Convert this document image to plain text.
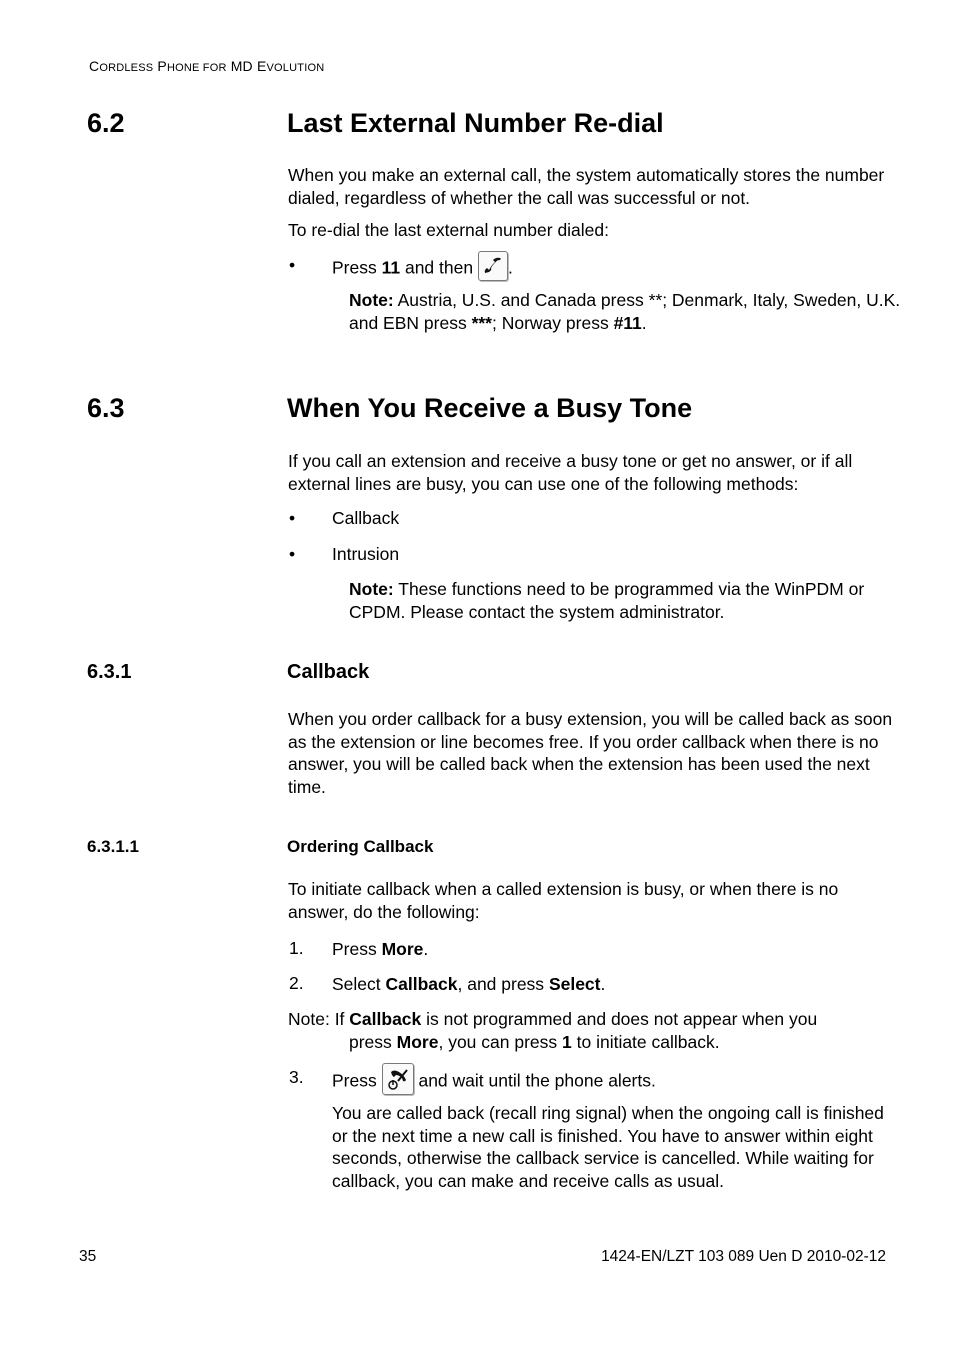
CORDLESS PHONE FOR MD EVOLUTION
6.2	Last External Number Re-dial
When you make an external call, the system automatically stores the number dialed, regardless of whether the call was successful or not.
To re-dial the last external number dialed:
• Press 11 and then
.
Note: Austria, U.S. and Canada press **; Denmark, Italy, Sweden, U.K. and EBN press ***; Norway press #11.
6.3	When You Receive a Busy Tone
If you call an extension and receive a busy tone or get no answer, or if all external lines are busy, you can use one of the following methods:
• Callback
• Intrusion
Note: These functions need to be programmed via the WinPDM or CPDM. Please contact the system administrator.
6.3.1	Callback
When you order callback for a busy extension, you will be called back as soon as the extension or line becomes free. If you order callback when there is no answer, you will be called back when the extension has been used the next time.
6.3.1.1	Ordering Callback
To initiate callback when a called extension is busy, or when there is no answer, do the following:
1. Press More.
2. Select Callback, and press Select.
Note: If Callback is not programmed and does not appear when you
press More, you can press 1 to initiate callback.
3. Press
and wait until the phone alerts.
You are called back (recall ring signal) when the ongoing call is finished or the next time a new call is finished. You have to answer within eight seconds, otherwise the callback service is cancelled. While waiting for callback, you can make and receive calls as usual.
35	1424-EN/LZT 103 089 Uen D 2010-02-12
